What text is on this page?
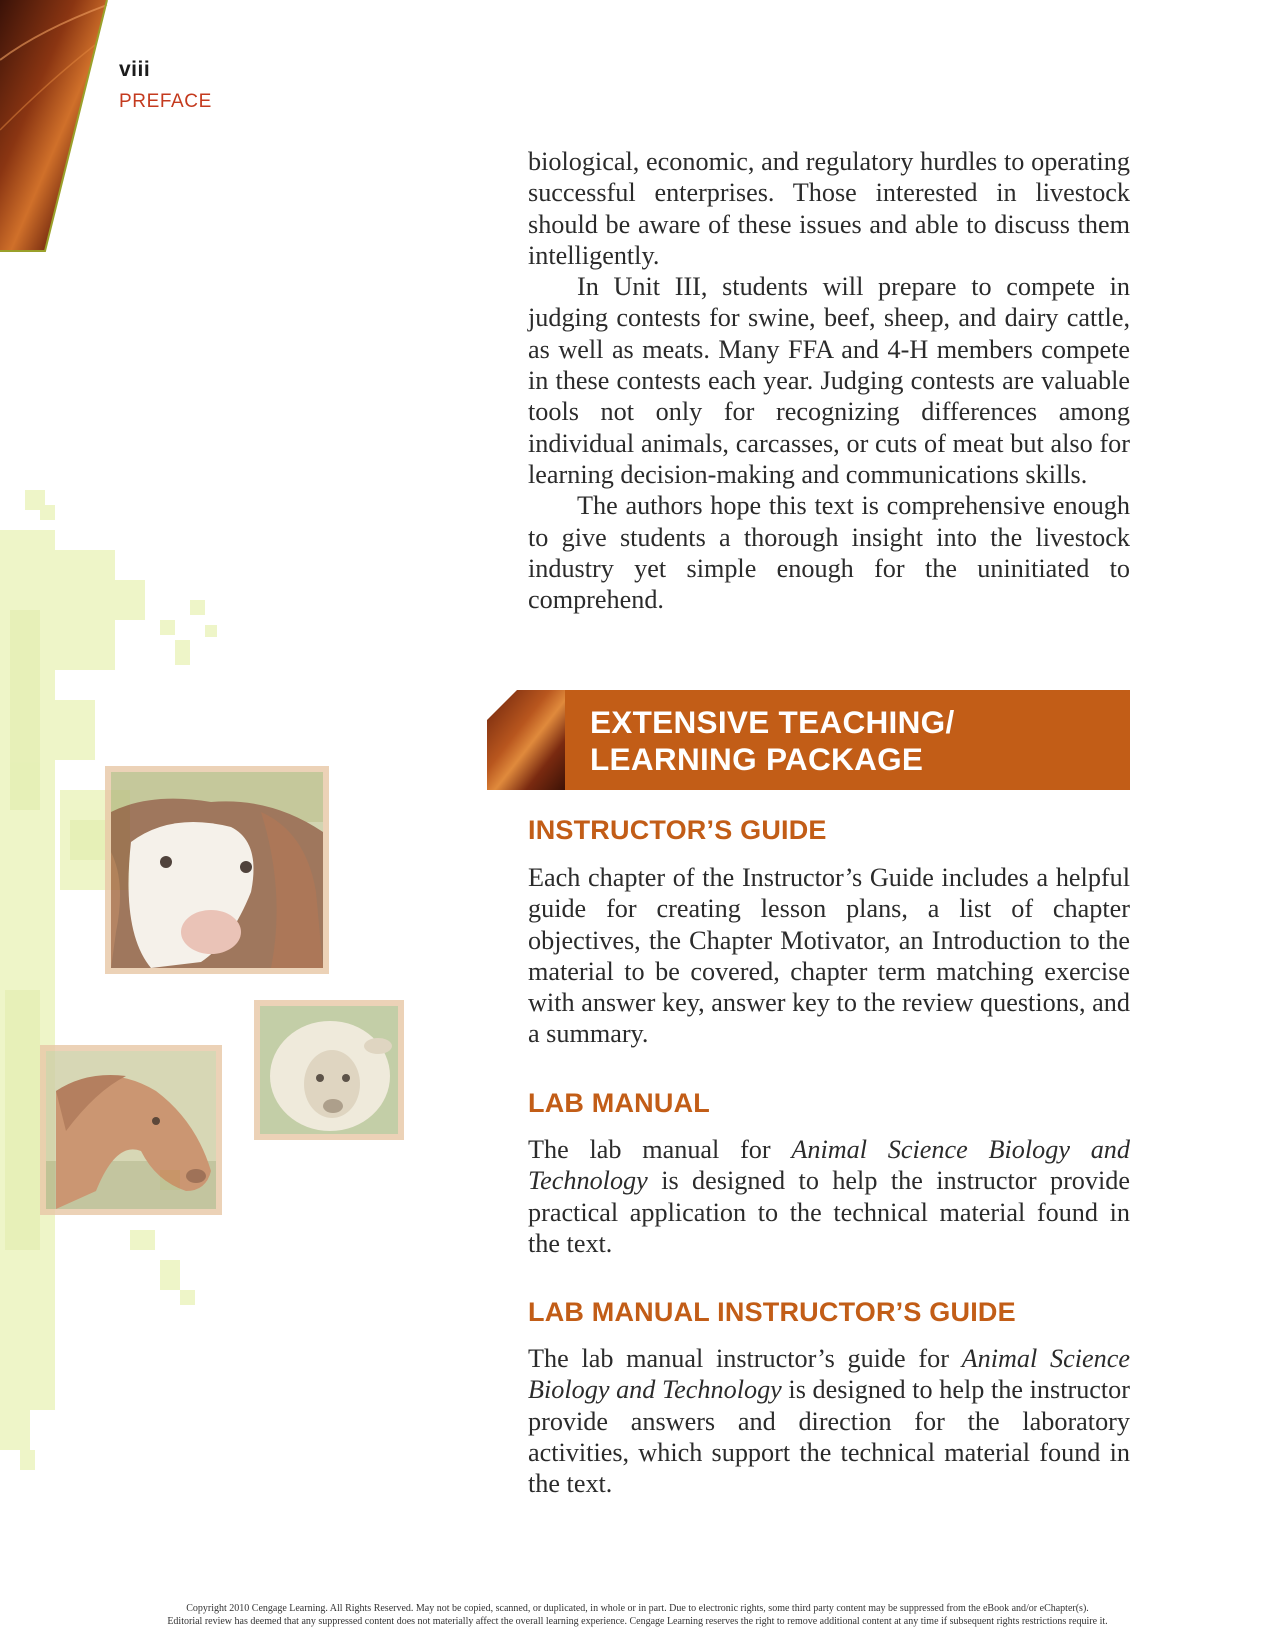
viii
PREFACE

biological, economic, and regulatory hurdles to operating successful enterprises. Those interested in livestock should be aware of these issues and able to discuss them intelligently.

In Unit III, students will prepare to compete in judging contests for swine, beef, sheep, and dairy cattle, as well as meats. Many FFA and 4-H members compete in these contests each year. Judging contests are valuable tools not only for recognizing differences among individual animals, carcasses, or cuts of meat but also for learning decision-making and communications skills.

The authors hope this text is comprehensive enough to give students a thorough insight into the livestock industry yet simple enough for the uninitiated to comprehend.

EXTENSIVE TEACHING/
LEARNING PACKAGE
INSTRUCTOR’S GUIDE

Each chapter of the Instructor’s Guide includes a helpful guide for creating lesson plans, a list of chapter objectives, the Chapter Motivator, an Introduction to the material to be covered, chapter term matching exercise with answer key, answer key to the review questions, and a summary.

LAB MANUAL

The lab manual for Animal Science Biology and Technology is designed to help the instructor provide practical application to the technical material found in the text.

LAB MANUAL INSTRUCTOR’S GUIDE

The lab manual instructor’s guide for Animal Science Biology and Technology is designed to help the instructor provide answers and direction for the laboratory activities, which support the technical material found in the text.

Copyright 2010 Cengage Learning. All Rights Reserved. May not be copied, scanned, or duplicated, in whole or in part. Due to electronic rights, some third party content may be suppressed from the eBook and/or eChapter(s).
Editorial review has deemed that any suppressed content does not materially affect the overall learning experience. Cengage Learning reserves the right to remove additional content at any time if subsequent rights restrictions require it.
